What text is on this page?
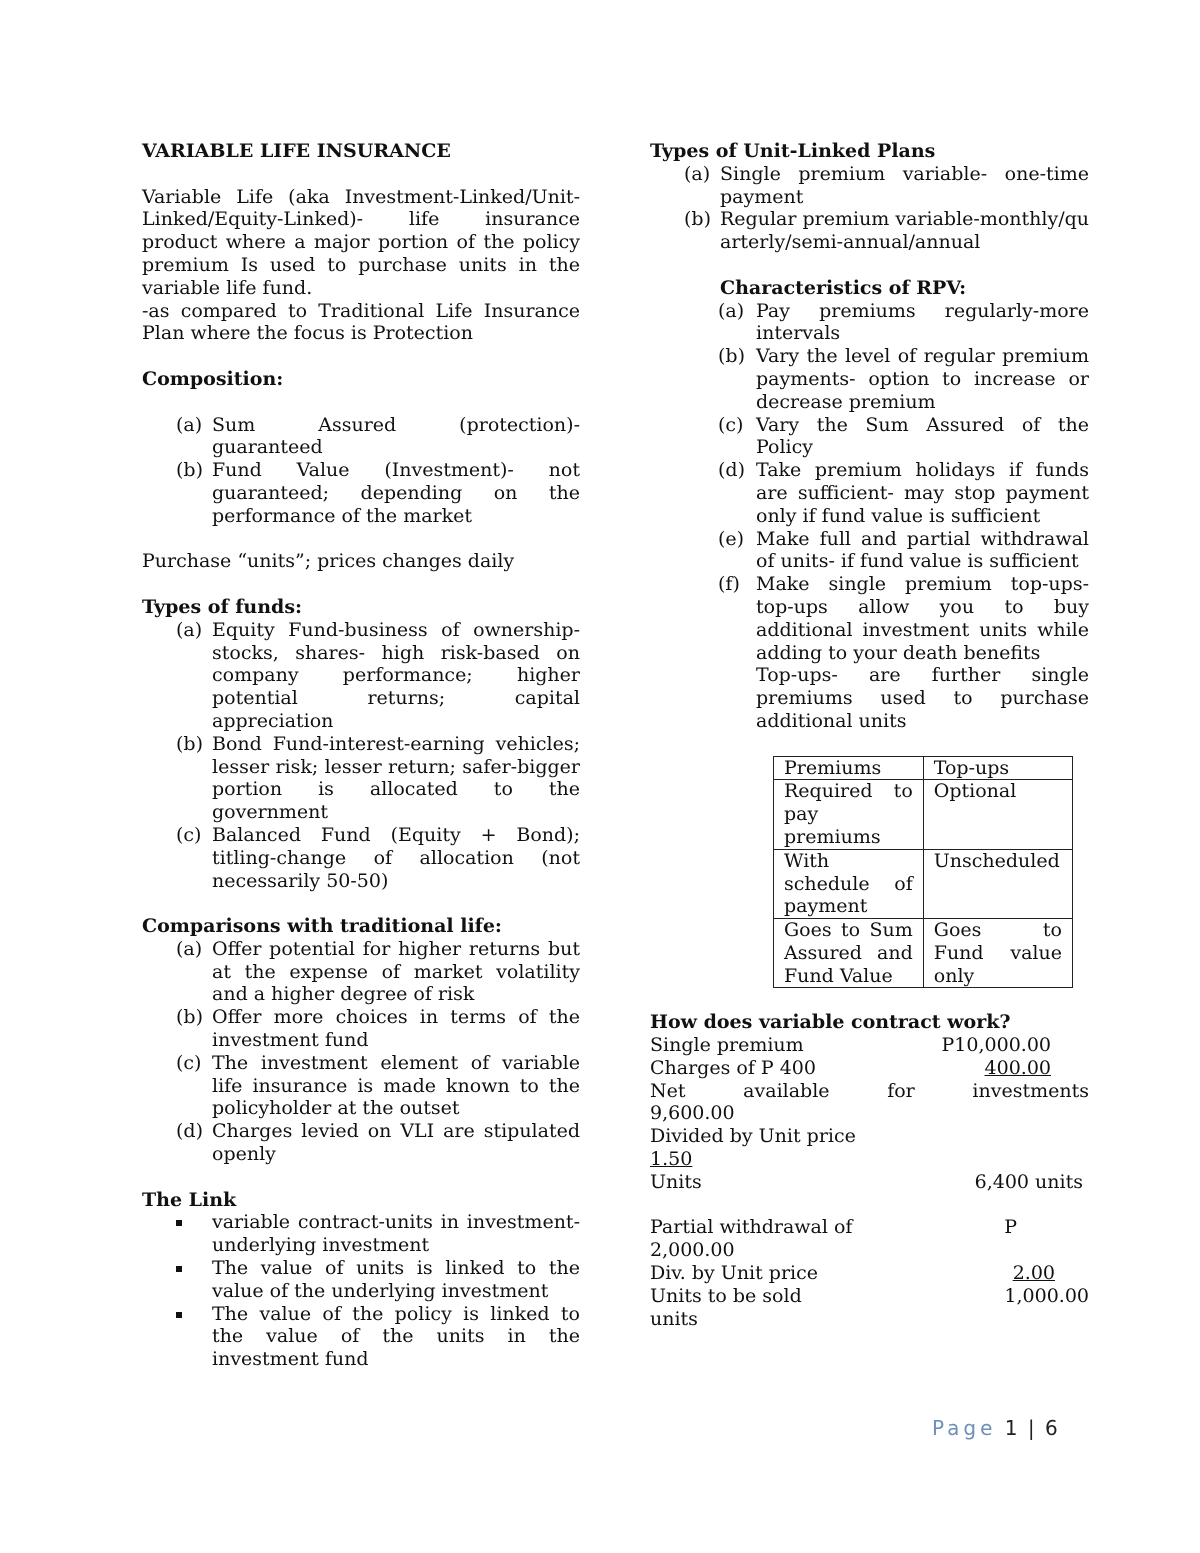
VARIABLE LIFE INSURANCE

Variable Life (aka Investment-Linked/Unit-Linked/Equity-Linked)- life insurance product where a major portion of the policy premium Is used to purchase units in the variable life fund.

-as compared to Traditional Life Insurance Plan where the focus is Protection

Composition:

(a) Sum Assured (protection)- guaranteed
(b) Fund Value (Investment)- not guaranteed; depending on the performance of the market

Purchase “units”; prices changes daily

Types of funds:

(a) Equity Fund-business of ownership-stocks, shares- high risk-based on company performance; higher potential returns; capital appreciation
(b) Bond Fund-interest-earning vehicles; lesser risk; lesser return; safer-bigger portion is allocated to the government
(c) Balanced Fund (Equity + Bond); titling-change of allocation (not necessarily 50-50)

Comparisons with traditional life:

(a) Offer potential for higher returns but at the expense of market volatility and a higher degree of risk
(b) Offer more choices in terms of the investment fund
(c) The investment element of variable life insurance is made known to the policyholder at the outset
(d) Charges levied on VLI are stipulated openly

The Link

variable contract-units in investment-underlying investment
The value of units is linked to the value of the underlying investment
The value of the policy is linked to the value of the units in the investment fund

Types of Unit-Linked Plans

(a) Single premium variable- one-time payment
(b) Regular premium variable-monthly/quarterly/semi-annual/annual

Characteristics of RPV:

(a) Pay premiums regularly-more intervals
(b) Vary the level of regular premium payments- option to increase or decrease premium
(c) Vary the Sum Assured of the Policy
(d) Take premium holidays if funds are sufficient- may stop payment only if fund value is sufficient
(e) Make full and partial withdrawal of units- if fund value is sufficient
(f) Make single premium top-ups- top-ups allow you to buy additional investment units while adding to your death benefits

Top-ups- are further single premiums used to purchase additional units

Premiums	Top-ups
Required to pay premiums	Optional
With schedule of payment	Unscheduled
Goes to Sum Assured and Fund Value	Goes to Fund value only

How does variable contract work?

Single premium	P10,000.00
Charges of P 400	400.00

Net available for investments
9,600.00

Divided by Unit price
1.50

Units	6,400 units
Partial withdrawal of	P

2,000.00

Div. by Unit price	2.00
Units to be sold	1,000.00

units

Page 1 | 6
